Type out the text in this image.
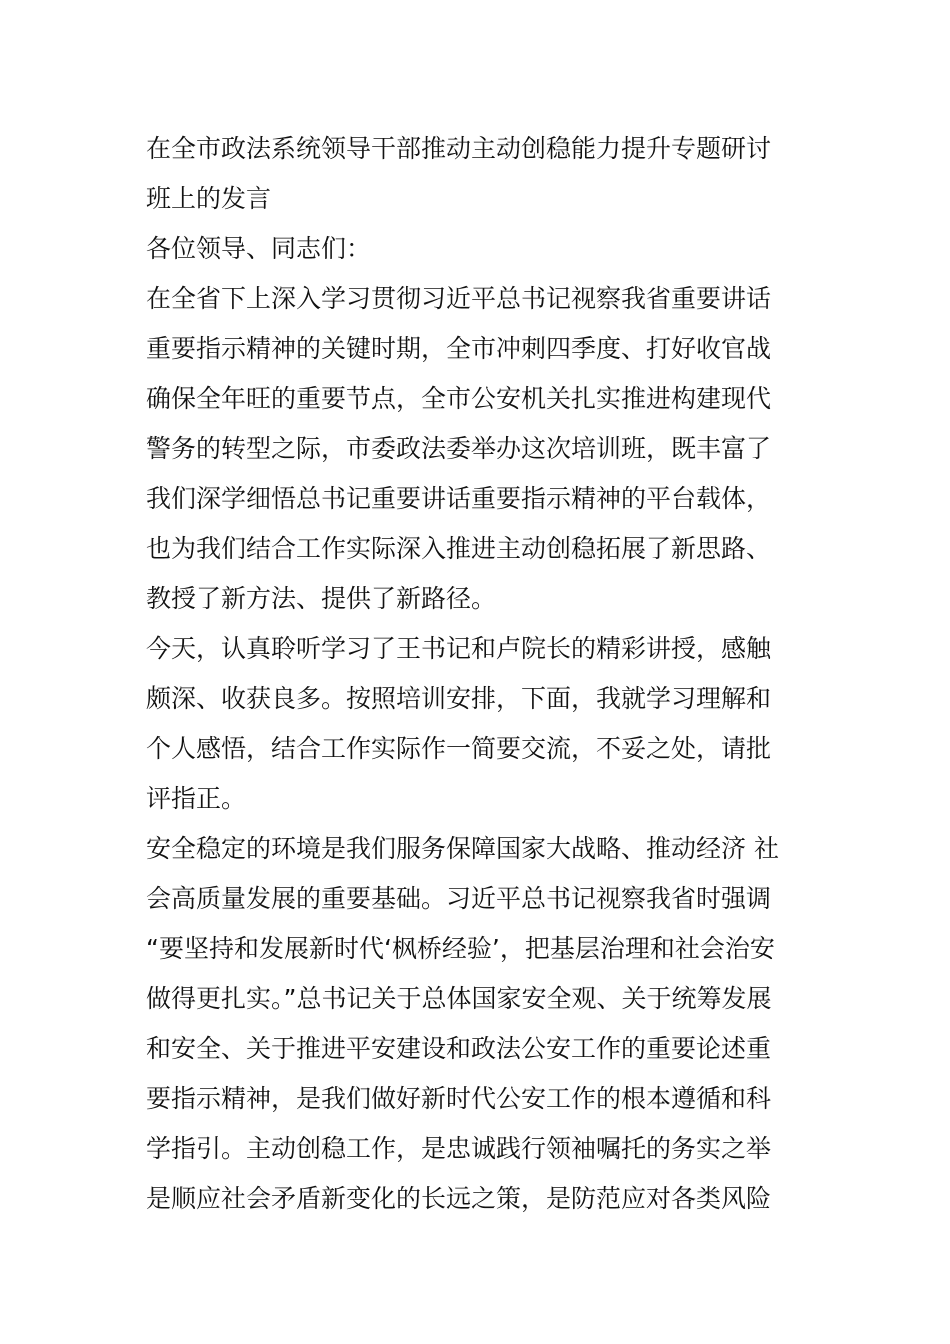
在全市政法系统领导干部推动主动创稳能力提升专题研讨
班上的发言
各位领导、同志们：
在全省下上深入学习贯彻习近平总书记视察我省重要讲话
重要指示精神的关键时期，全市冲刺四季度、打好收官战
确保全年旺的重要节点，全市公安机关扎实推进构建现代
警务的转型之际，市委政法委举办这次培训班，既丰富了
我们深学细悟总书记重要讲话重要指示精神的平台载体，
也为我们结合工作实际深入推进主动创稳拓展了新思路、
教授了新方法、提供了新路径。
今天，认真聆听学习了王书记和卢院长的精彩讲授，感触
颇深、收获良多。按照培训安排，下面，我就学习理解和
个人感悟，结合工作实际作一简要交流，不妥之处，请批
评指正。
安全稳定的环境是我们服务保障国家大战略、推动经济 社
会高质量发展的重要基础。习近平总书记视察我省时强调
“要坚持和发展新时代‘枫桥经验’，把基层治理和社会治安
做得更扎实。”总书记关于总体国家安全观、关于统筹发展
和安全、关于推进平安建设和政法公安工作的重要论述重
要指示精神，是我们做好新时代公安工作的根本遵循和科
学指引。主动创稳工作，是忠诚践行领袖嘱托的务实之举
是顺应社会矛盾新变化的长远之策，是防范应对各类风险
